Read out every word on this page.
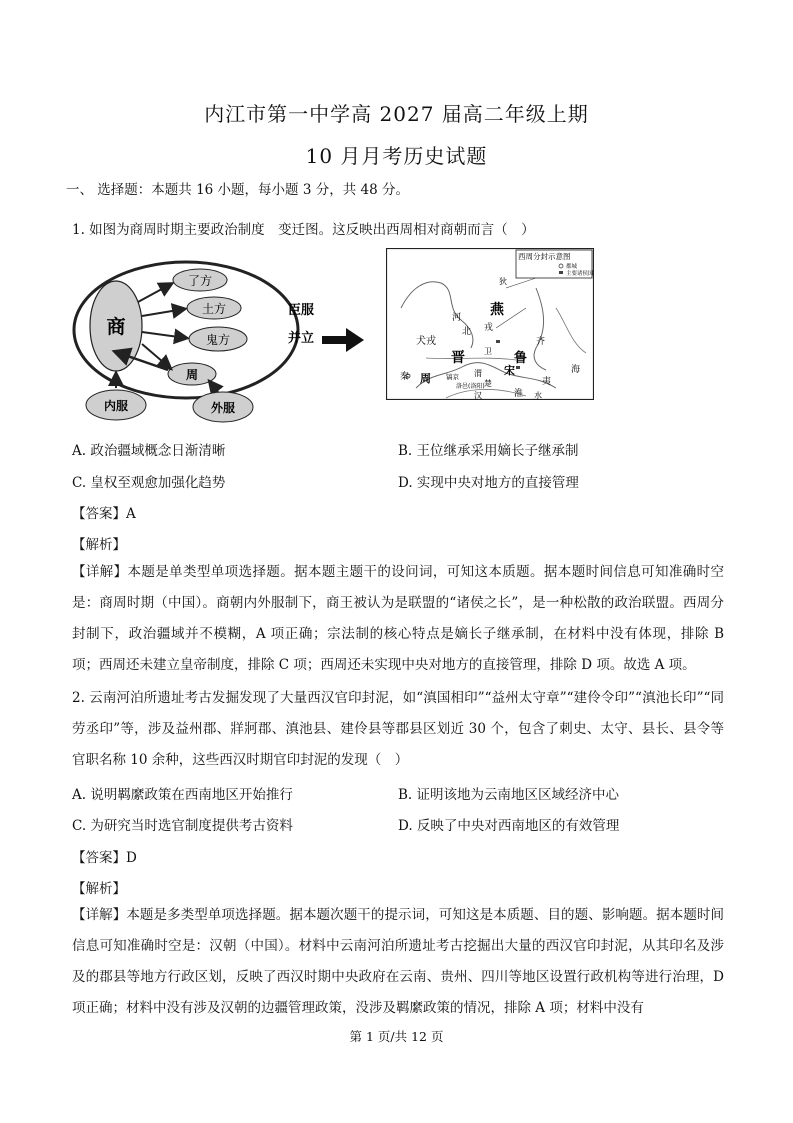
内江市第一中学高 2027 届高二年级上期
10 月月考历史试题
一、 选择题：本题共 16 小题，每小题 3 分，共 48 分。
1. 如图为商周时期主要政治制度　变迁图。这反映出西周相对商朝而言（　）
商
了方
土方
鬼方
周
内服	外服
臣服
并立
西周分封示意图
都城
主要诸侯国
狄
燕
河
北 戎
犬戎
晋	鲁
齐
卫
宋
秦 周	渭
镐京
洛邑(洛阳) 楚
汉	淮 水
夷
海
A. 政治疆域概念日渐清晰	B. 王位继承采用嫡长子继承制
C. 皇权至观愈加强化趋势	D. 实现中央对地方的直接管理
【答案】A
【解析】
【详解】本题是单类型单项选择题。据本题主题干的设问词，可知这本质题。据本题时间信息可知准确时空是：商周时期（中国）。商朝内外服制下，商王被认为是联盟的“诸侯之长”，是一种松散的政治联盟。西周分封制下，政治疆域并不模糊，A 项正确；宗法制的核心特点是嫡长子继承制，在材料中没有体现，排除 B 项；西周还未建立皇帝制度，排除 C 项；西周还未实现中央对地方的直接管理，排除 D 项。故选 A 项。
2. 云南河泊所遗址考古发掘发现了大量西汉官印封泥，如“滇国相印”“益州太守章”“建伶令印”“滇池长印”“同劳丞印”等，涉及益州郡、牂牁郡、滇池县、建伶县等郡县区划近 30 个，包含了刺史、太守、县长、县令等官职名称 10 余种，这些西汉时期官印封泥的发现（　）
A. 说明羁縻政策在西南地区开始推行	B. 证明该地为云南地区区域经济中心
C. 为研究当时选官制度提供考古资料	D. 反映了中央对西南地区的有效管理
【答案】D
【解析】
【详解】本题是多类型单项选择题。据本题次题干的提示词，可知这是本质题、目的题、影响题。据本题时间信息可知准确时空是：汉朝（中国）。材料中云南河泊所遗址考古挖掘出大量的西汉官印封泥，从其印名及涉及的郡县等地方行政区划，反映了西汉时期中央政府在云南、贵州、四川等地区设置行政机构等进行治理，D 项正确；材料中没有涉及汉朝的边疆管理政策，没涉及羁縻政策的情况，排除 A 项；材料中没有
第 1 页/共 12 页
